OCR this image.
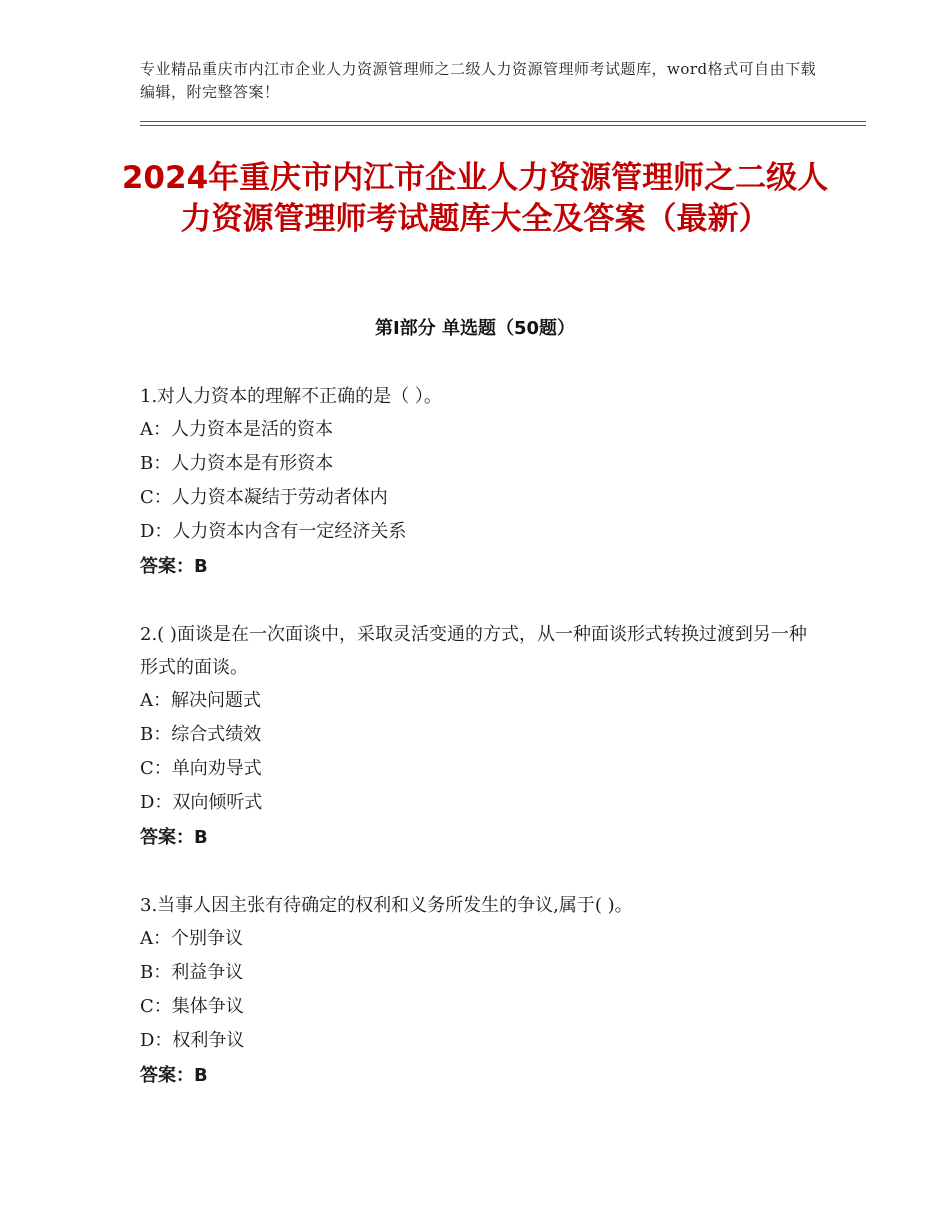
专业精品重庆市内江市企业人力资源管理师之二级人力资源管理师考试题库，word格式可自由下载编辑，附完整答案！
2024年重庆市内江市企业人力资源管理师之二级人力资源管理师考试题库大全及答案（最新）
第Ⅰ部分 单选题（50题）

1.对人力资本的理解不正确的是（ ）。

A：人力资本是活的资本

B：人力资本是有形资本

C：人力资本凝结于劳动者体内

D：人力资本内含有一定经济关系

答案：B

2.( )面谈是在一次面谈中，采取灵活变通的方式，从一种面谈形式转换过渡到另一种形式的面谈。

A：解决问题式

B：综合式绩效

C：单向劝导式

D：双向倾听式

答案：B

3.当事人因主张有待确定的权利和义务所发生的争议,属于( )。

A：个别争议

B：利益争议

C：集体争议

D：权利争议

答案：B
